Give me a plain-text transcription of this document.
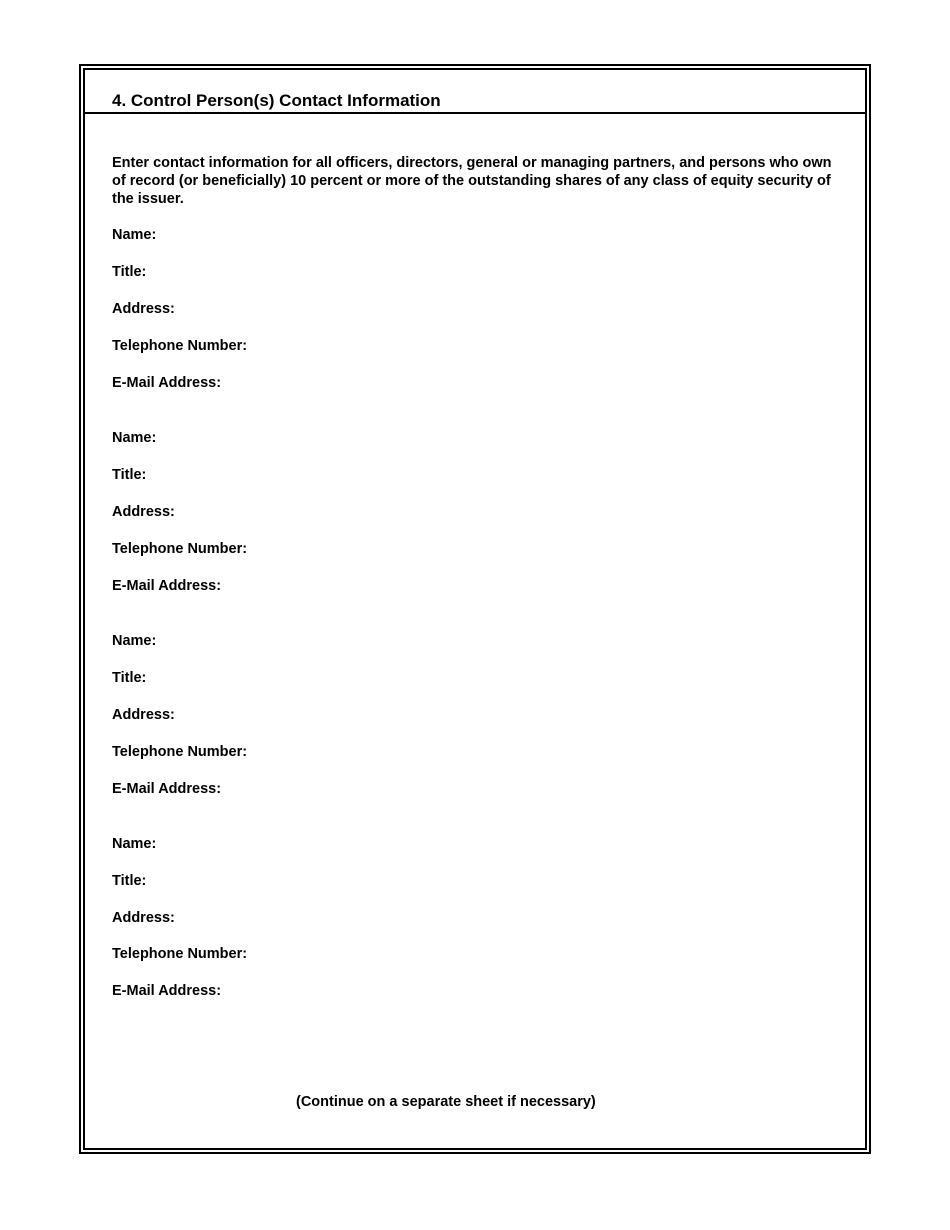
4. Control Person(s) Contact Information

Enter contact information for all officers, directors, general or managing partners, and persons who own of record (or beneficially) 10 percent or more of the outstanding shares of any class of equity security of the issuer.

Name:
Title:
Address:
Telephone Number:
E-Mail Address:
Name:
Title:
Address:
Telephone Number:
E-Mail Address:
Name:
Title:
Address:
Telephone Number:
E-Mail Address:
Name:
Title:
Address:
Telephone Number:
E-Mail Address:
(Continue on a separate sheet if necessary)
